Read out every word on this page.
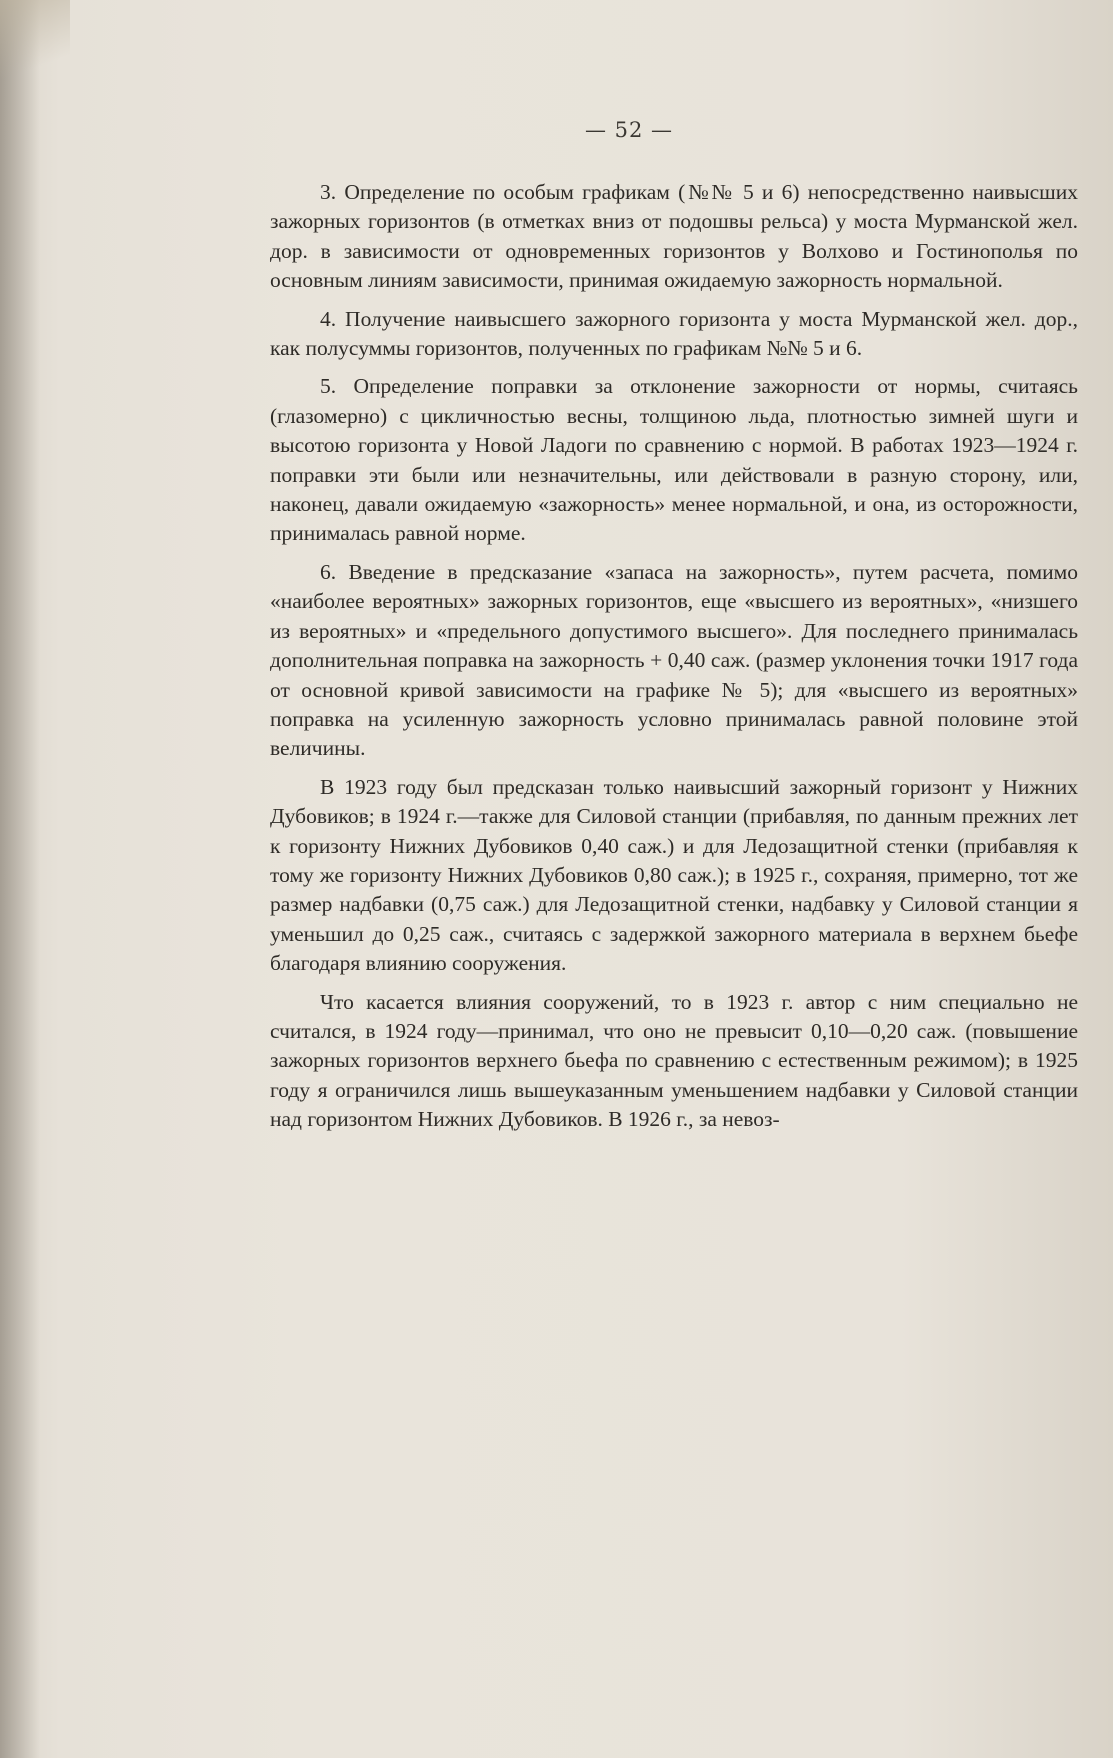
— 52 —

3. Определение по особым графикам (№№ 5 и 6) непосредственно наивысших зажорных горизонтов (в отметках вниз от подошвы рельса) у моста Мурманской жел. дор. в зависимости от одновременных горизонтов у Волхово и Гостинополья по основным линиям зависимости, принимая ожидаемую зажорность нормальной.

4. Получение наивысшего зажорного горизонта у моста Мурманской жел. дор., как полусуммы горизонтов, полученных по графикам №№ 5 и 6.

5. Определение поправки за отклонение зажорности от нормы, считаясь (глазомерно) с цикличностью весны, толщиною льда, плотностью зимней шуги и высотою горизонта у Новой Ладоги по сравнению с нормой. В работах 1923—1924 г. поправки эти были или незначительны, или действовали в разную сторону, или, наконец, давали ожидаемую «зажорность» менее нормальной, и она, из осторожности, принималась равной норме.

6. Введение в предсказание «запаса на зажорность», путем расчета, помимо «наиболее вероятных» зажорных горизонтов, еще «высшего из вероятных», «низшего из вероятных» и «предельного допустимого высшего». Для последнего принималась дополнительная поправка на зажорность + 0,40 саж. (размер уклонения точки 1917 года от основной кривой зависимости на графике № 5); для «высшего из вероятных» поправка на усиленную зажорность условно принималась равной половине этой величины.

В 1923 году был предсказан только наивысший зажорный горизонт у Нижних Дубовиков; в 1924 г.—также для Силовой станции (прибавляя, по данным прежних лет к горизонту Нижних Дубовиков 0,40 саж.) и для Ледозащитной стенки (прибавляя к тому же горизонту Нижних Дубовиков 0,80 саж.); в 1925 г., сохраняя, примерно, тот же размер надбавки (0,75 саж.) для Ледозащитной стенки, надбавку у Силовой станции я уменьшил до 0,25 саж., считаясь с задержкой зажорного материала в верхнем бьефе благодаря влиянию сооружения.

Что касается влияния сооружений, то в 1923 г. автор с ним специально не считался, в 1924 году—принимал, что оно не превысит 0,10—0,20 саж. (повышение зажорных горизонтов верхнего бьефа по сравнению с естественным режимом); в 1925 году я ограничился лишь вышеуказанным уменьшением надбавки у Силовой станции над горизонтом Нижних Дубовиков. В 1926 г., за невоз-
